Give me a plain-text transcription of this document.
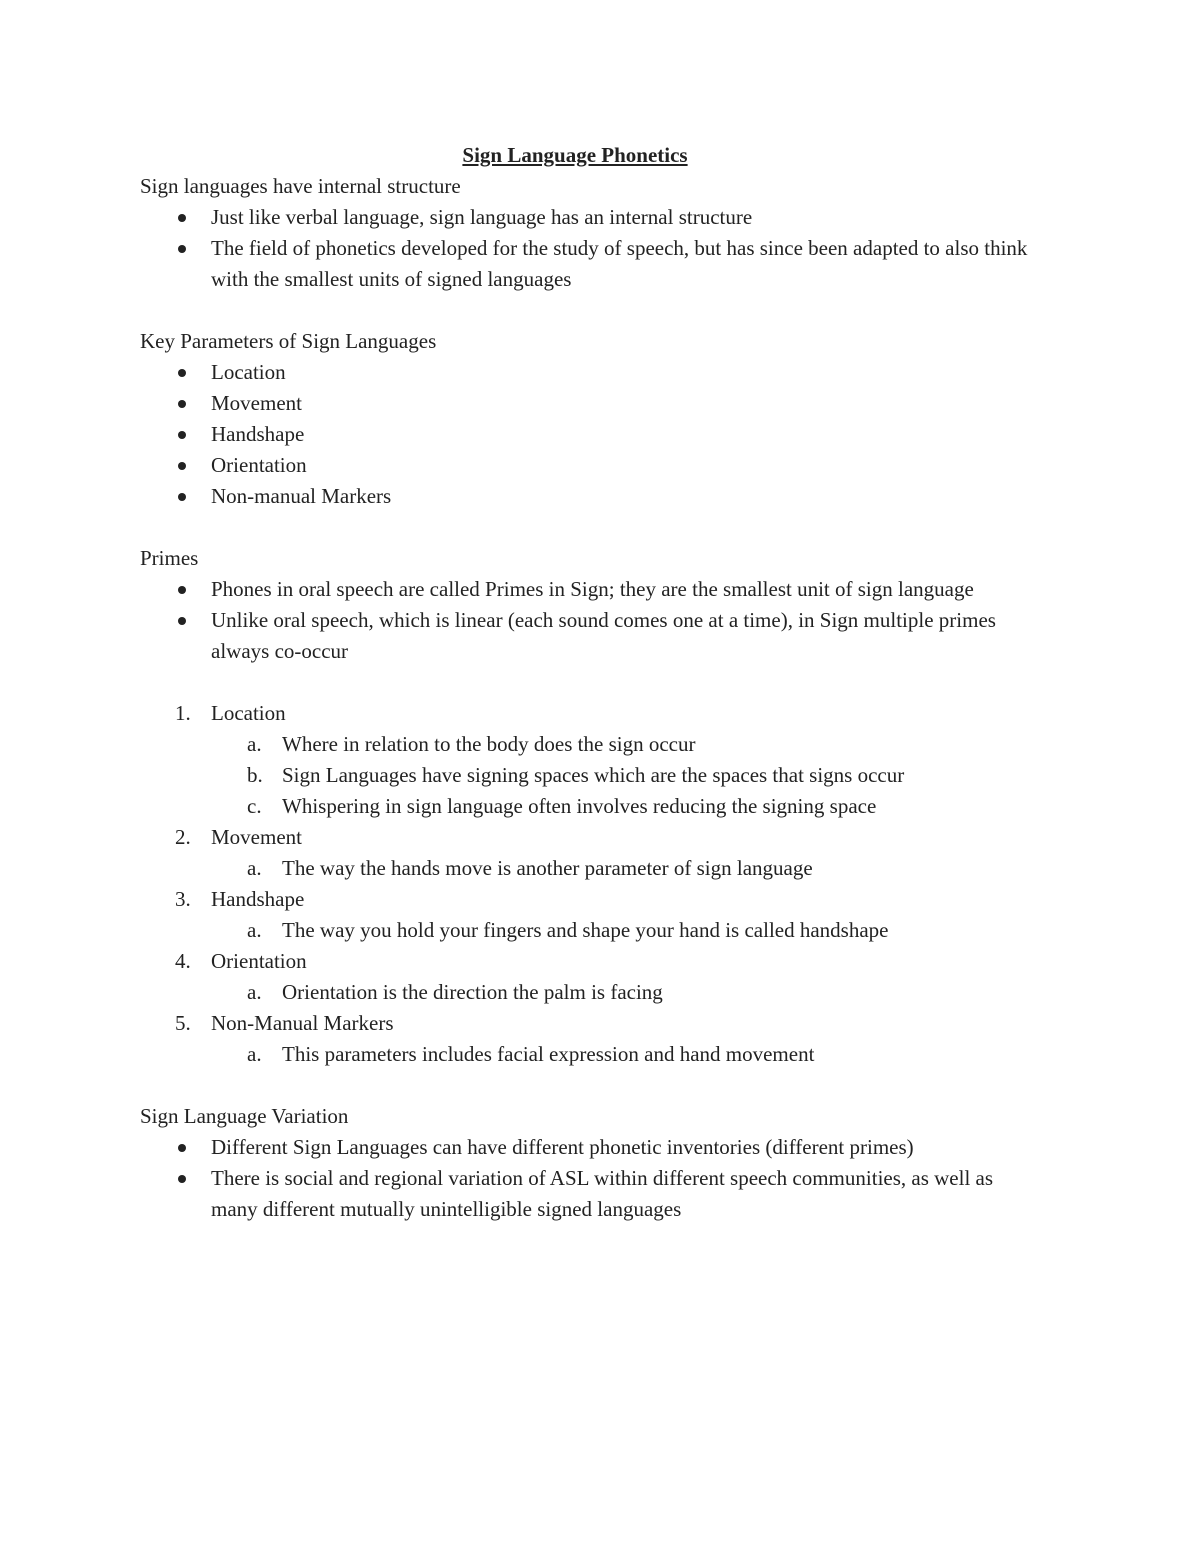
Sign Language Phonetics
Sign languages have internal structure
Just like verbal language, sign language has an internal structure
The field of phonetics developed for the study of speech, but has since been adapted to also think with the smallest units of signed languages
Key Parameters of Sign Languages
Location
Movement
Handshape
Orientation
Non-manual Markers
Primes
Phones in oral speech are called Primes in Sign; they are the smallest unit of sign language
Unlike oral speech, which is linear (each sound comes one at a time), in Sign multiple primes always co-occur
1. Location
a. Where in relation to the body does the sign occur
b. Sign Languages have signing spaces which are the spaces that signs occur
c. Whispering in sign language often involves reducing the signing space
2. Movement
a. The way the hands move is another parameter of sign language
3. Handshape
a. The way you hold your fingers and shape your hand is called handshape
4. Orientation
a. Orientation is the direction the palm is facing
5. Non-Manual Markers
a. This parameters includes facial expression and hand movement
Sign Language Variation
Different Sign Languages can have different phonetic inventories (different primes)
There is social and regional variation of ASL within different speech communities, as well as many different mutually unintelligible signed languages
